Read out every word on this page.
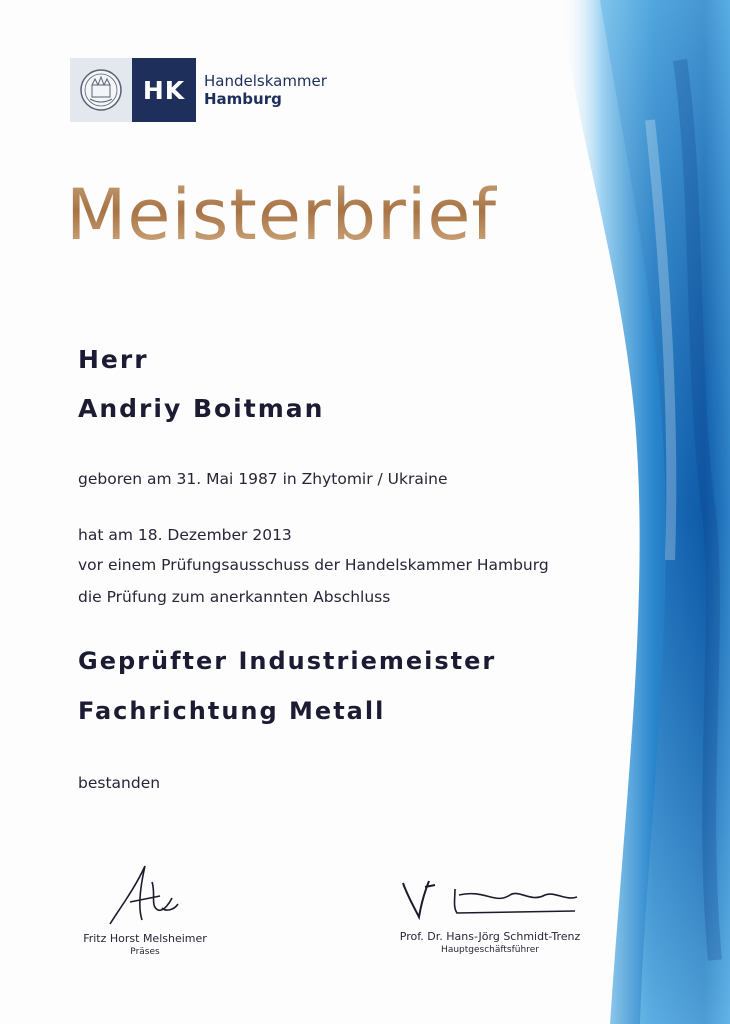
HK	Handelskammer
Hamburg
Meisterbrief
Herr
Andriy Boitman
geboren am 31. Mai 1987 in Zhytomir / Ukraine
hat am 18. Dezember 2013
vor einem Prüfungsausschuss der Handelskammer Hamburg
die Prüfung zum anerkannten Abschluss
Geprüfter Industriemeister
Fachrichtung Metall
bestanden
Fritz Horst Melsheimer
Präses
Prof. Dr. Hans-Jörg Schmidt-Trenz
Hauptgeschäftsführer
